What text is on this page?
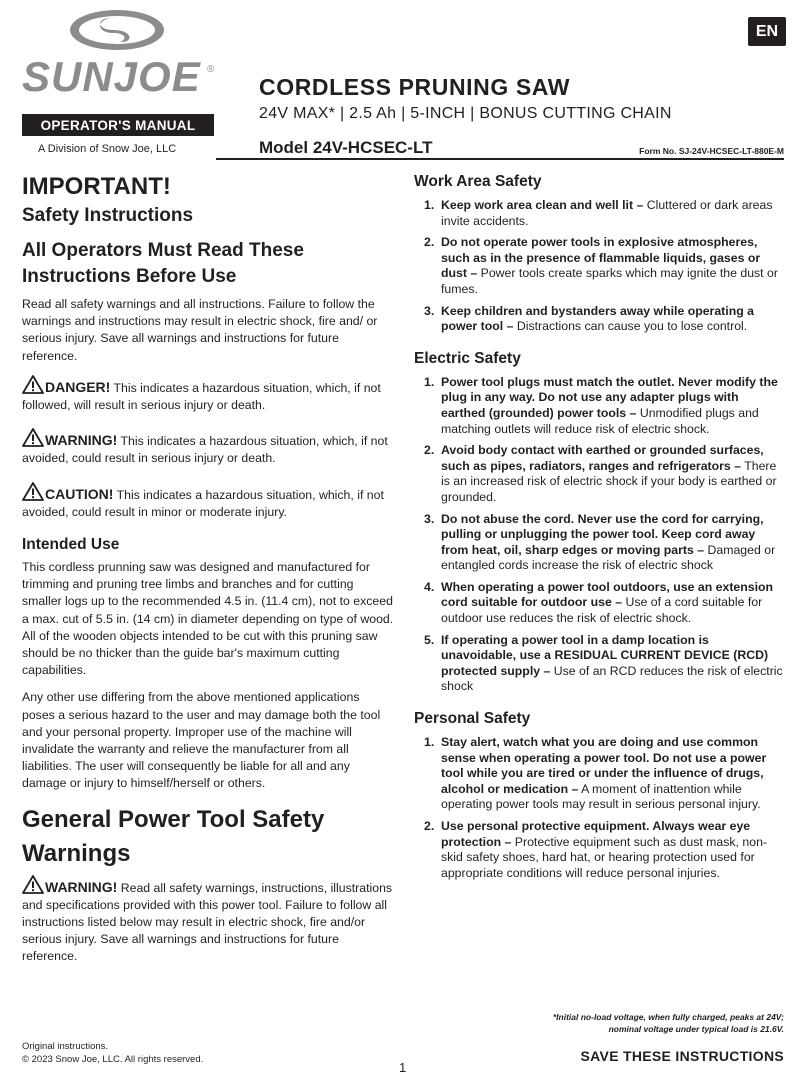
SUNJOE ®
OPERATOR'S MANUAL
A Division of Snow Joe, LLC
CORDLESS PRUNING SAW
24V MAX* | 2.5 Ah | 5-INCH | BONUS CUTTING CHAIN
Model 24V-HCSEC-LT	Form No. SJ-24V-HCSEC-LT-880E-M
EN
IMPORTANT!
Safety Instructions
All Operators Must Read These Instructions Before Use

Read all safety warnings and all instructions. Failure to follow the warnings and instructions may result in electric shock, fire and/ or serious injury. Save all warnings and instructions for future reference.

DANGER! This indicates a hazardous situation, which, if not followed, will result in serious injury or death.
WARNING! This indicates a hazardous situation, which, if not avoided, could result in serious injury or death.
CAUTION! This indicates a hazardous situation, which, if not avoided, could result in minor or moderate injury.
Intended Use

This cordless prunning saw was designed and manufactured for trimming and pruning tree limbs and branches and for cutting smaller logs up to the recommended 4.5 in. (11.4 cm), not to exceed a max. cut of 5.5 in. (14 cm) in diameter depending on type of wood. All of the wooden objects intended to be cut with this pruning saw should be no thicker than the guide bar's maximum cutting capabilities.

Any other use differing from the above mentioned applications poses a serious hazard to the user and may damage both the tool and your personal property. Improper use of the machine will invalidate the warranty and relieve the manufacturer from all liabilities. The user will consequently be liable for all and any damage or injury to himself/herself or others.

General Power Tool Safety Warnings
WARNING! Read all safety warnings, instructions, illustrations and specifications provided with this power tool. Failure to follow all instructions listed below may result in electric shock, fire and/or serious injury. Save all warnings and instructions for future reference.
Work Area Safety
1. Keep work area clean and well lit – Cluttered or dark areas invite accidents.
2. Do not operate power tools in explosive atmospheres, such as in the presence of flammable liquids, gases or dust – Power tools create sparks which may ignite the dust or fumes.
3. Keep children and bystanders away while operating a power tool – Distractions can cause you to lose control.
Electric Safety
1. Power tool plugs must match the outlet. Never modify the plug in any way. Do not use any adapter plugs with earthed (grounded) power tools – Unmodified plugs and matching outlets will reduce risk of electric shock.
2. Avoid body contact with earthed or grounded surfaces, such as pipes, radiators, ranges and refrigerators – There is an increased risk of electric shock if your body is earthed or grounded.
3. Do not abuse the cord. Never use the cord for carrying, pulling or unplugging the power tool. Keep cord away from heat, oil, sharp edges or moving parts – Damaged or entangled cords increase the risk of electric shock
4. When operating a power tool outdoors, use an extension cord suitable for outdoor use – Use of a cord suitable for outdoor use reduces the risk of electric shock.
5. If operating a power tool in a damp location is unavoidable, use a RESIDUAL CURRENT DEVICE (RCD) protected supply – Use of an RCD reduces the risk of electric shock
Personal Safety
1. Stay alert, watch what you are doing and use common sense when operating a power tool. Do not use a power tool while you are tired or under the influence of drugs, alcohol or medication – A moment of inattention while operating power tools may result in serious personal injury.
2. Use personal protective equipment. Always wear eye protection – Protective equipment such as dust mask, non-skid safety shoes, hard hat, or hearing protection used for appropriate conditions will reduce personal injuries.
*Initial no-load voltage, when fully charged, peaks at 24V;
nominal voltage under typical load is 21.6V.
Original instructions.
© 2023 Snow Joe, LLC. All rights reserved.
1
SAVE THESE INSTRUCTIONS
